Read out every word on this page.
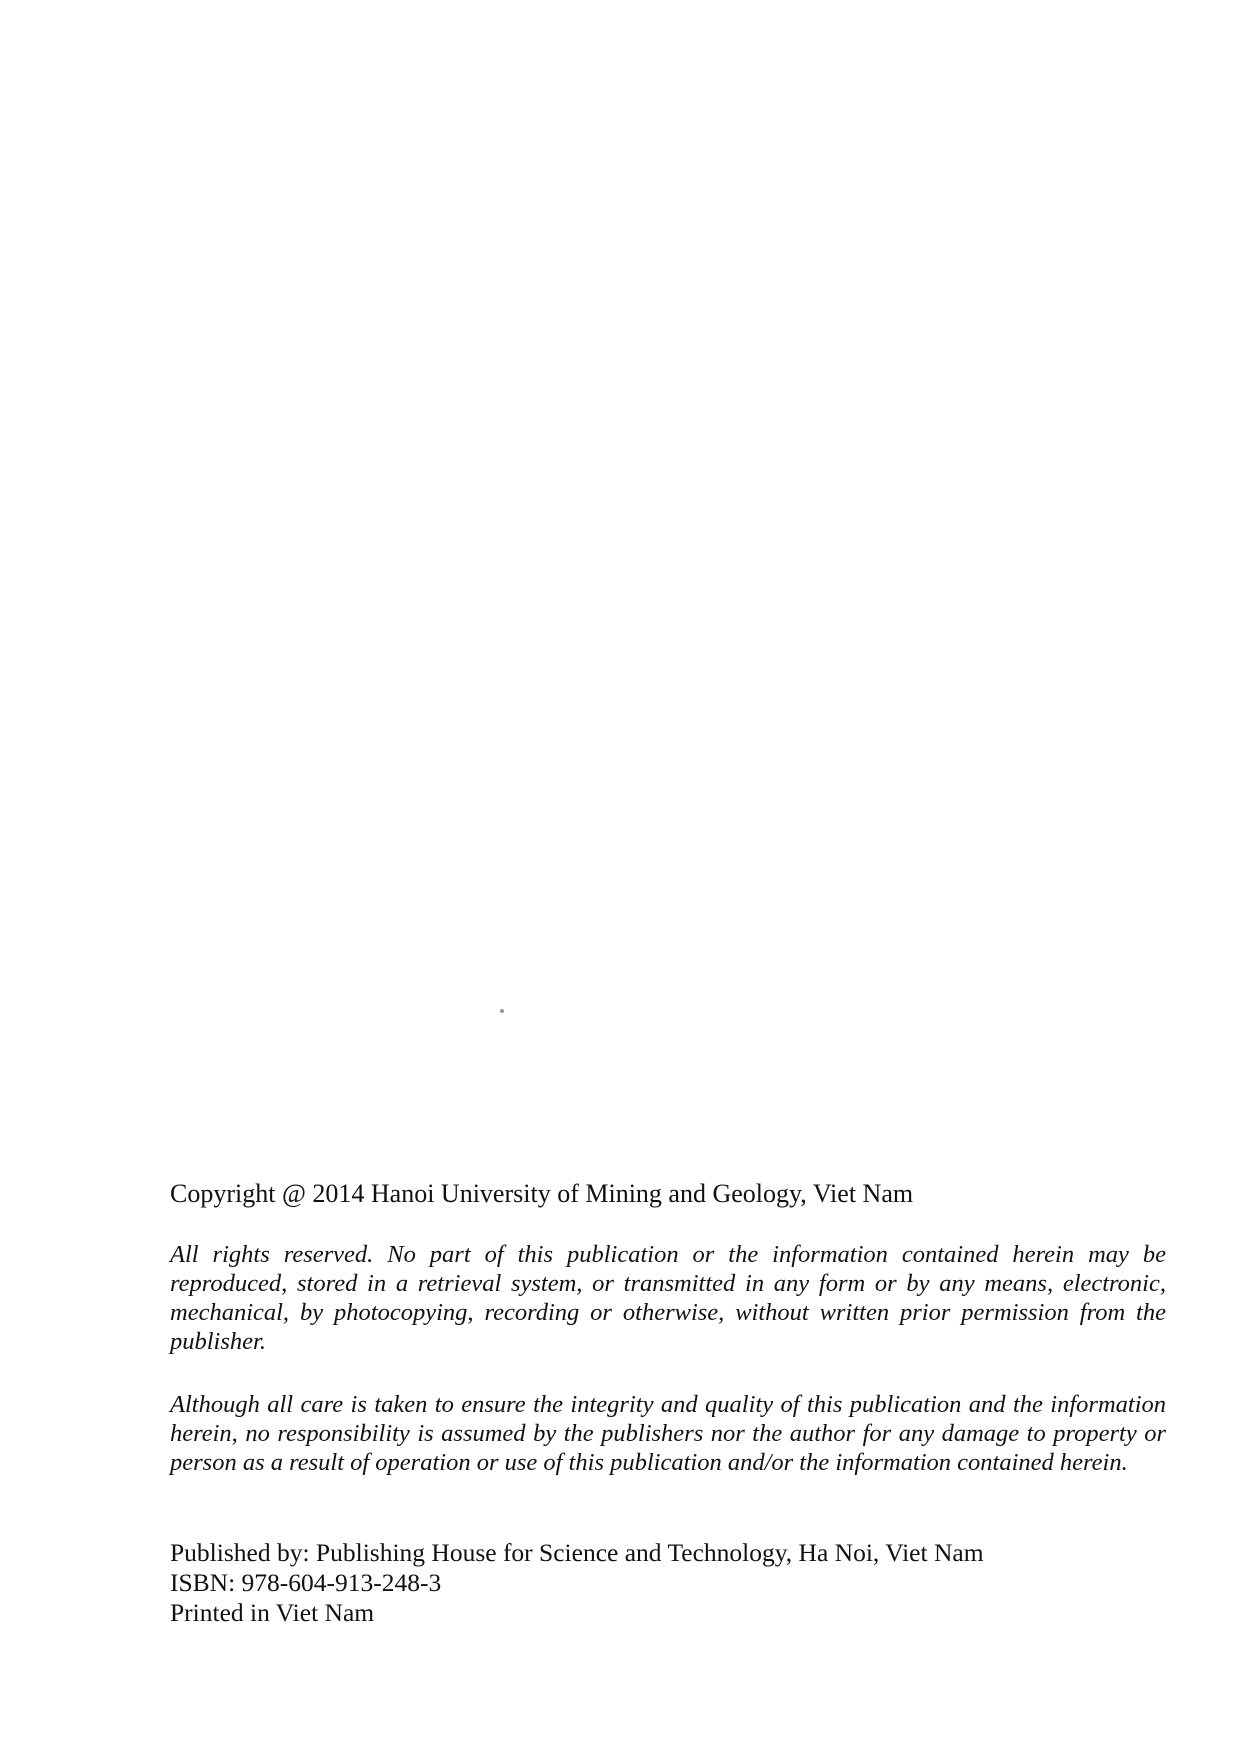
Copyright @ 2014 Hanoi University of Mining and Geology, Viet Nam

All rights reserved. No part of this publication or the information contained herein may be reproduced, stored in a retrieval system, or transmitted in any form or by any means, electronic, mechanical, by photocopying, recording or otherwise, without written prior permission from the publisher.

Although all care is taken to ensure the integrity and quality of this publication and the information herein, no responsibility is assumed by the publishers nor the author for any damage to property or person as a result of operation or use of this publication and/or the information contained herein.

Published by: Publishing House for Science and Technology, Ha Noi, Viet Nam
ISBN: 978-604-913-248-3
Printed in Viet Nam
